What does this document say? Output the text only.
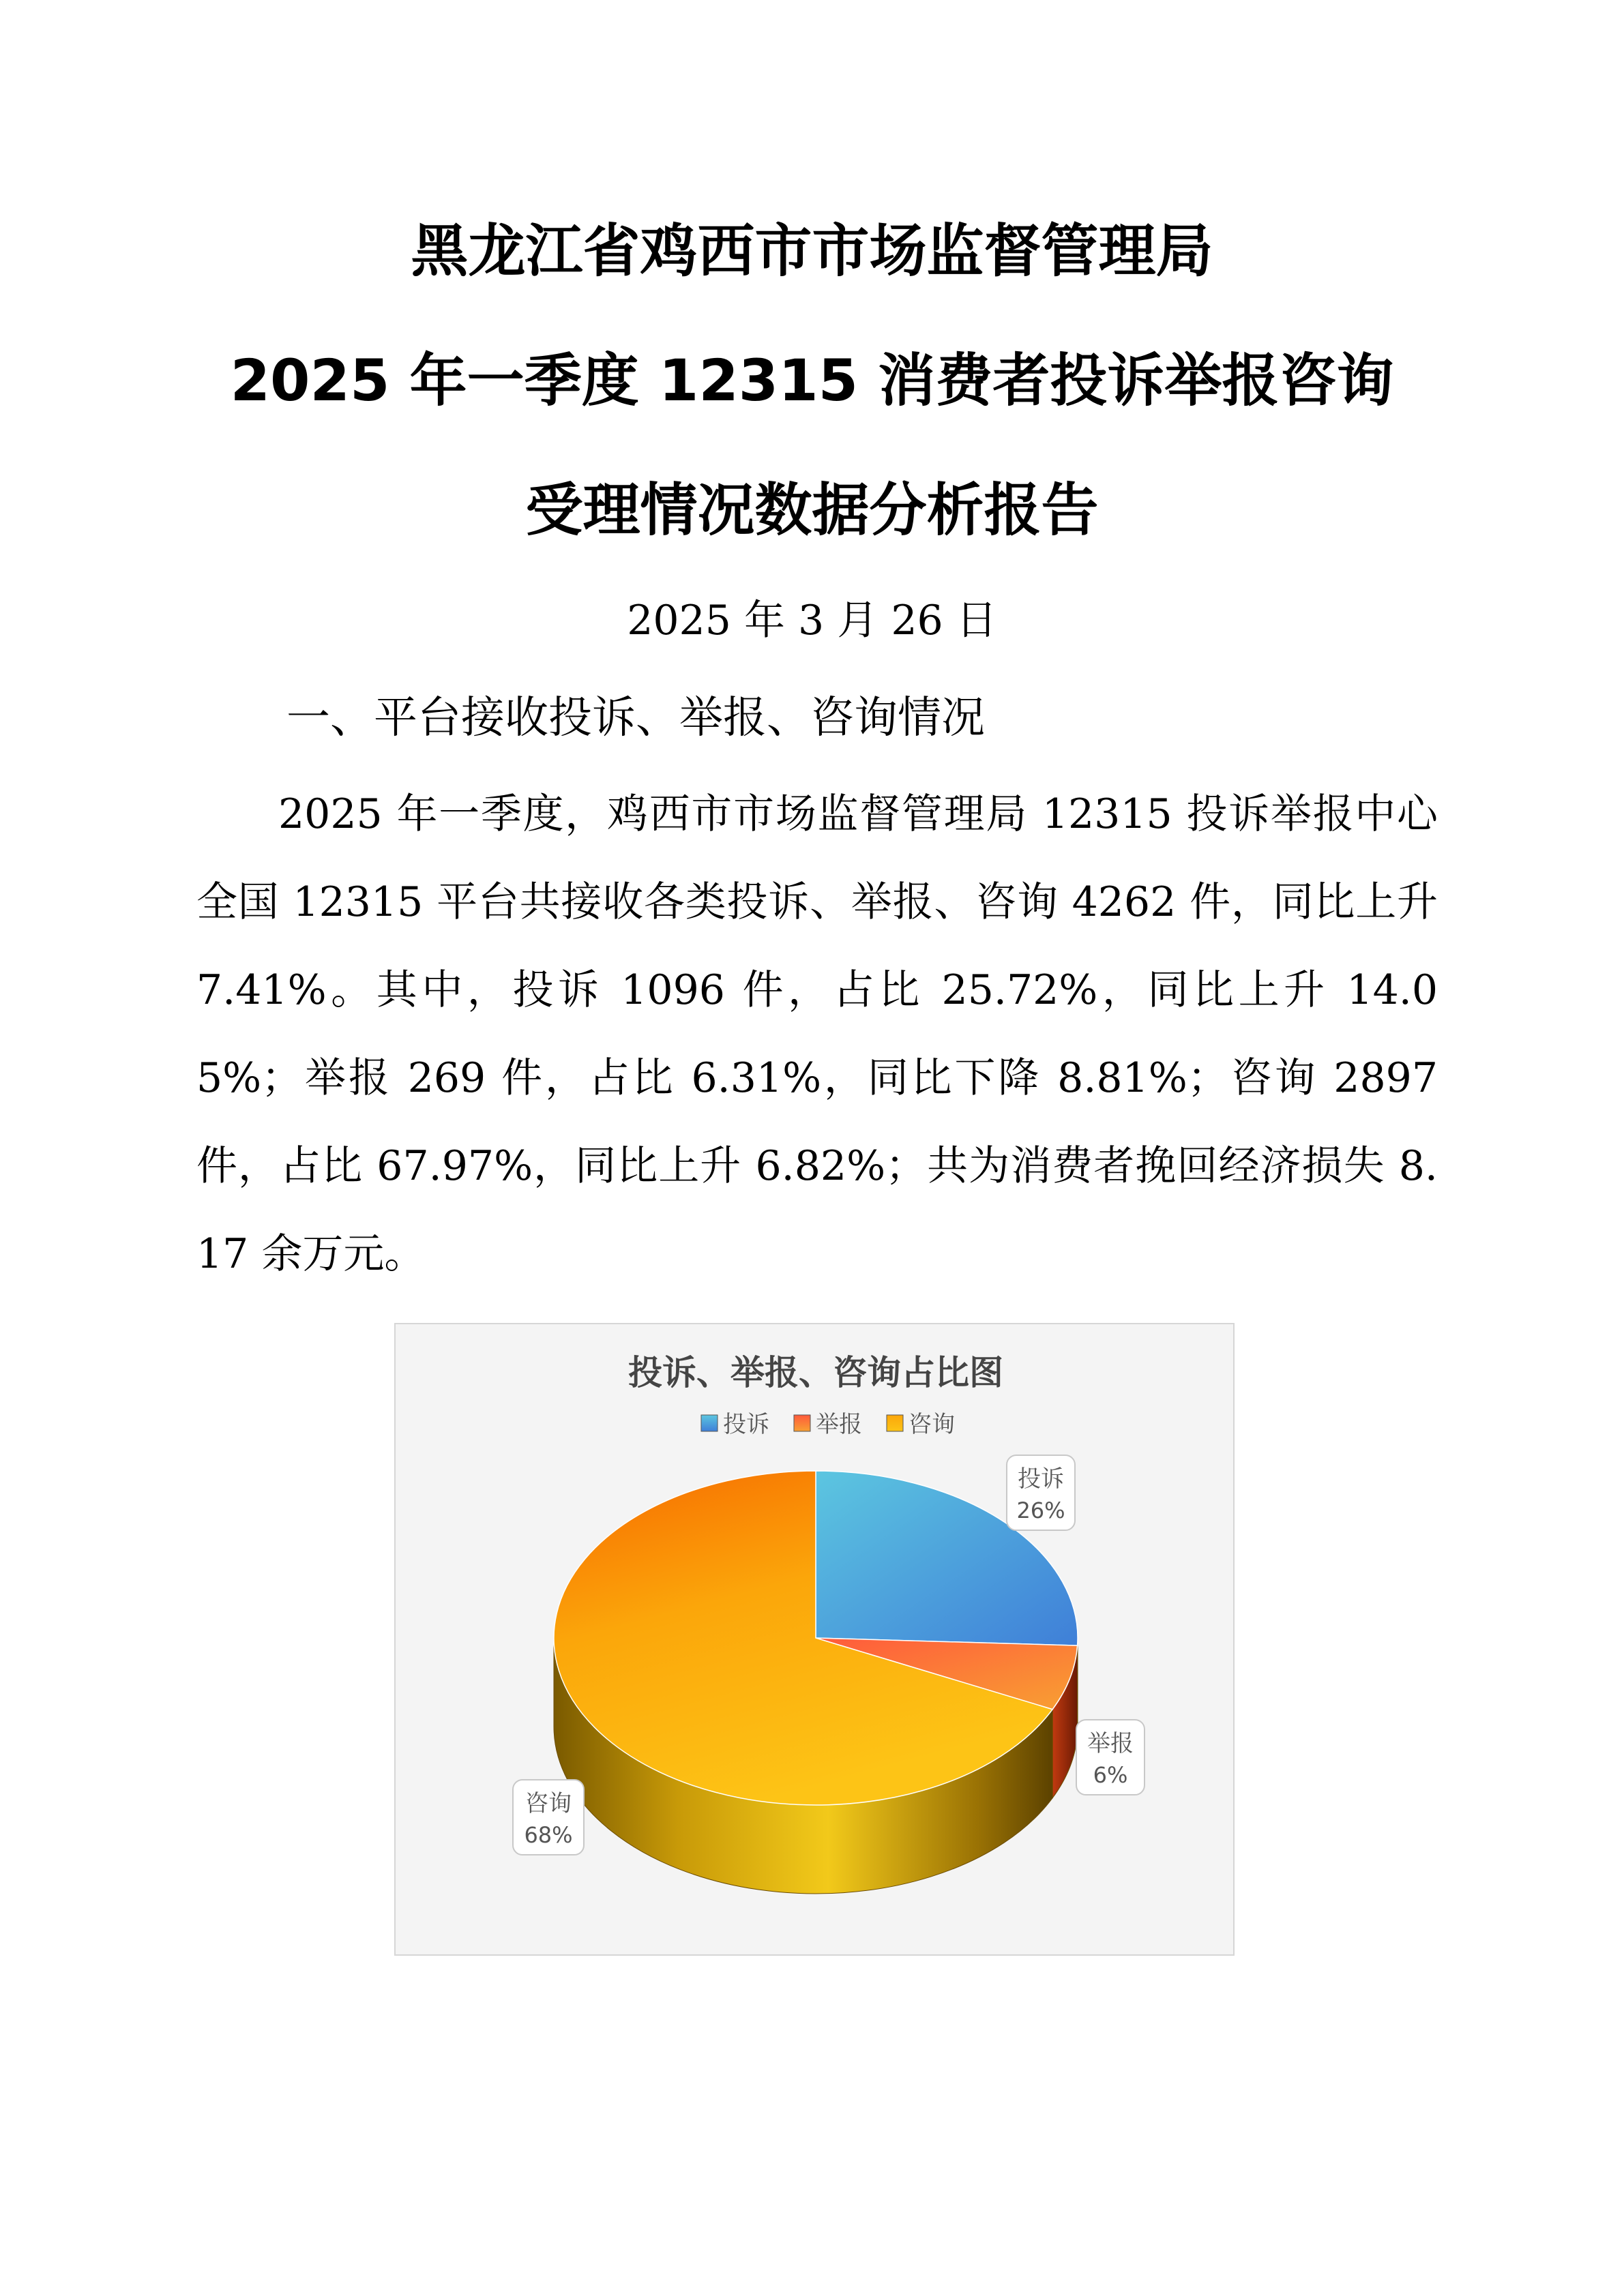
黑龙江省鸡西市市场监督管理局
2025 年一季度 12315 消费者投诉举报咨询
受理情况数据分析报告
2025 年 3 月 26 日
一、平台接收投诉、举报、咨询情况

2025 年一季度，鸡西市市场监督管理局 12315 投诉举报中心全国 12315 平台共接收各类投诉、举报、咨询 4262 件，同比上升 7.41%。其中，投诉 1096 件，占比 25.72%，同比上升 14.05%；举报 269 件，占比 6.31%，同比下降 8.81%；咨询 2897 件，占比 67.97%，同比上升 6.82%；共为消费者挽回经济损失 8.17 余万元。

投诉、举报、咨询占比图
投诉 举报 咨询
投诉
26%
举报
6%
咨询
68%
